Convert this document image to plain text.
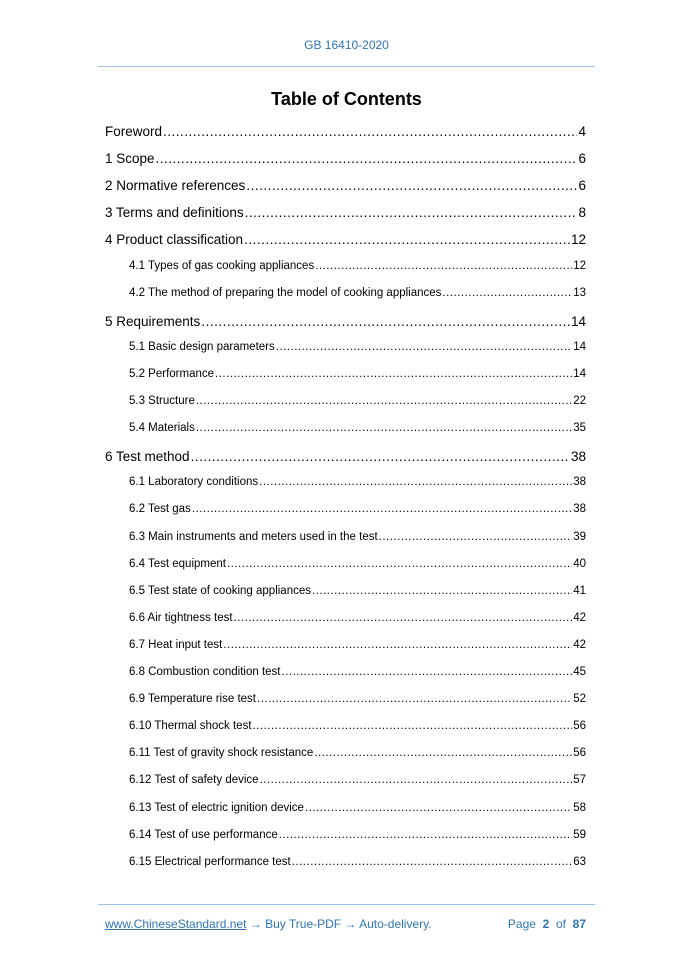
GB 16410-2020
Table of Contents
Foreword .....	4
1 Scope .....	6
2 Normative references .....	6
3 Terms and definitions .....	8
4 Product classification .....	12
4.1 Types of gas cooking appliances .....	12
4.2 The method of preparing the model of cooking appliances .....	13
5 Requirements .....	14
5.1 Basic design parameters .....	14
5.2 Performance .....	14
5.3 Structure .....	22
5.4 Materials .....	35
6 Test method .....	38
6.1 Laboratory conditions .....	38
6.2 Test gas .....	38
6.3 Main instruments and meters used in the test .....	39
6.4 Test equipment .....	40
6.5 Test state of cooking appliances .....	41
6.6 Air tightness test .....	42
6.7 Heat input test .....	42
6.8 Combustion condition test .....	45
6.9 Temperature rise test .....	52
6.10 Thermal shock test .....	56
6.11 Test of gravity shock resistance .....	56
6.12 Test of safety device .....	57
6.13 Test of electric ignition device .....	58
6.14 Test of use performance .....	59
6.15 Electrical performance test .....	63
www.ChineseStandard.net → Buy True-PDF → Auto-delivery.	Page 2 of 87
